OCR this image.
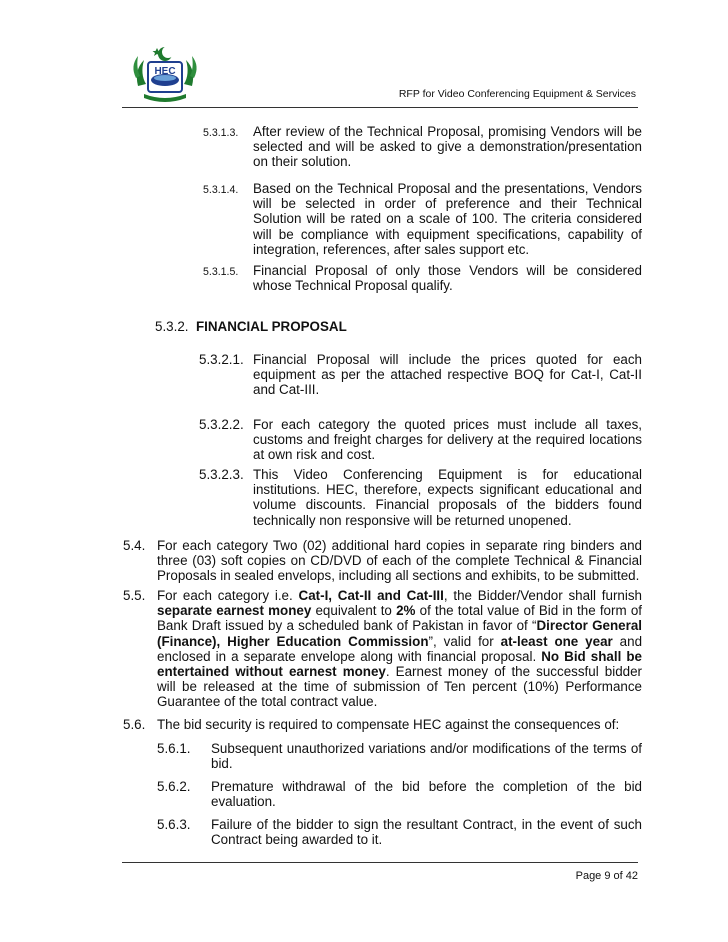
HEC
RFP for Video Conferencing Equipment & Services
5.3.1.3. After review of the Technical Proposal, promising Vendors will be selected and will be asked to give a demonstration/presentation on their solution.
5.3.1.4. Based on the Technical Proposal and the presentations, Vendors will be selected in order of preference and their Technical Solution will be rated on a scale of 100. The criteria considered will be compliance with equipment specifications, capability of integration, references, after sales support etc.
5.3.1.5. Financial Proposal of only those Vendors will be considered whose Technical Proposal qualify.
5.3.2. FINANCIAL PROPOSAL
5.3.2.1. Financial Proposal will include the prices quoted for each equipment as per the attached respective BOQ for Cat-I, Cat-II and Cat-III.
5.3.2.2. For each category the quoted prices must include all taxes, customs and freight charges for delivery at the required locations at own risk and cost.
5.3.2.3. This Video Conferencing Equipment is for educational institutions. HEC, therefore, expects significant educational and volume discounts. Financial proposals of the bidders found technically non responsive will be returned unopened.
5.4. For each category Two (02) additional hard copies in separate ring binders and three (03) soft copies on CD/DVD of each of the complete Technical & Financial Proposals in sealed envelops, including all sections and exhibits, to be submitted.
5.5. For each category i.e. Cat-I, Cat-II and Cat-III, the Bidder/Vendor shall furnish separate earnest money equivalent to 2% of the total value of Bid in the form of Bank Draft issued by a scheduled bank of Pakistan in favor of “Director General (Finance), Higher Education Commission”, valid for at-least one year and enclosed in a separate envelope along with financial proposal. No Bid shall be entertained without earnest money. Earnest money of the successful bidder will be released at the time of submission of Ten percent (10%) Performance Guarantee of the total contract value.
5.6. The bid security is required to compensate HEC against the consequences of:
5.6.1. Subsequent unauthorized variations and/or modifications of the terms of bid.
5.6.2. Premature withdrawal of the bid before the completion of the bid evaluation.
5.6.3. Failure of the bidder to sign the resultant Contract, in the event of such Contract being awarded to it.
Page 9 of 42
